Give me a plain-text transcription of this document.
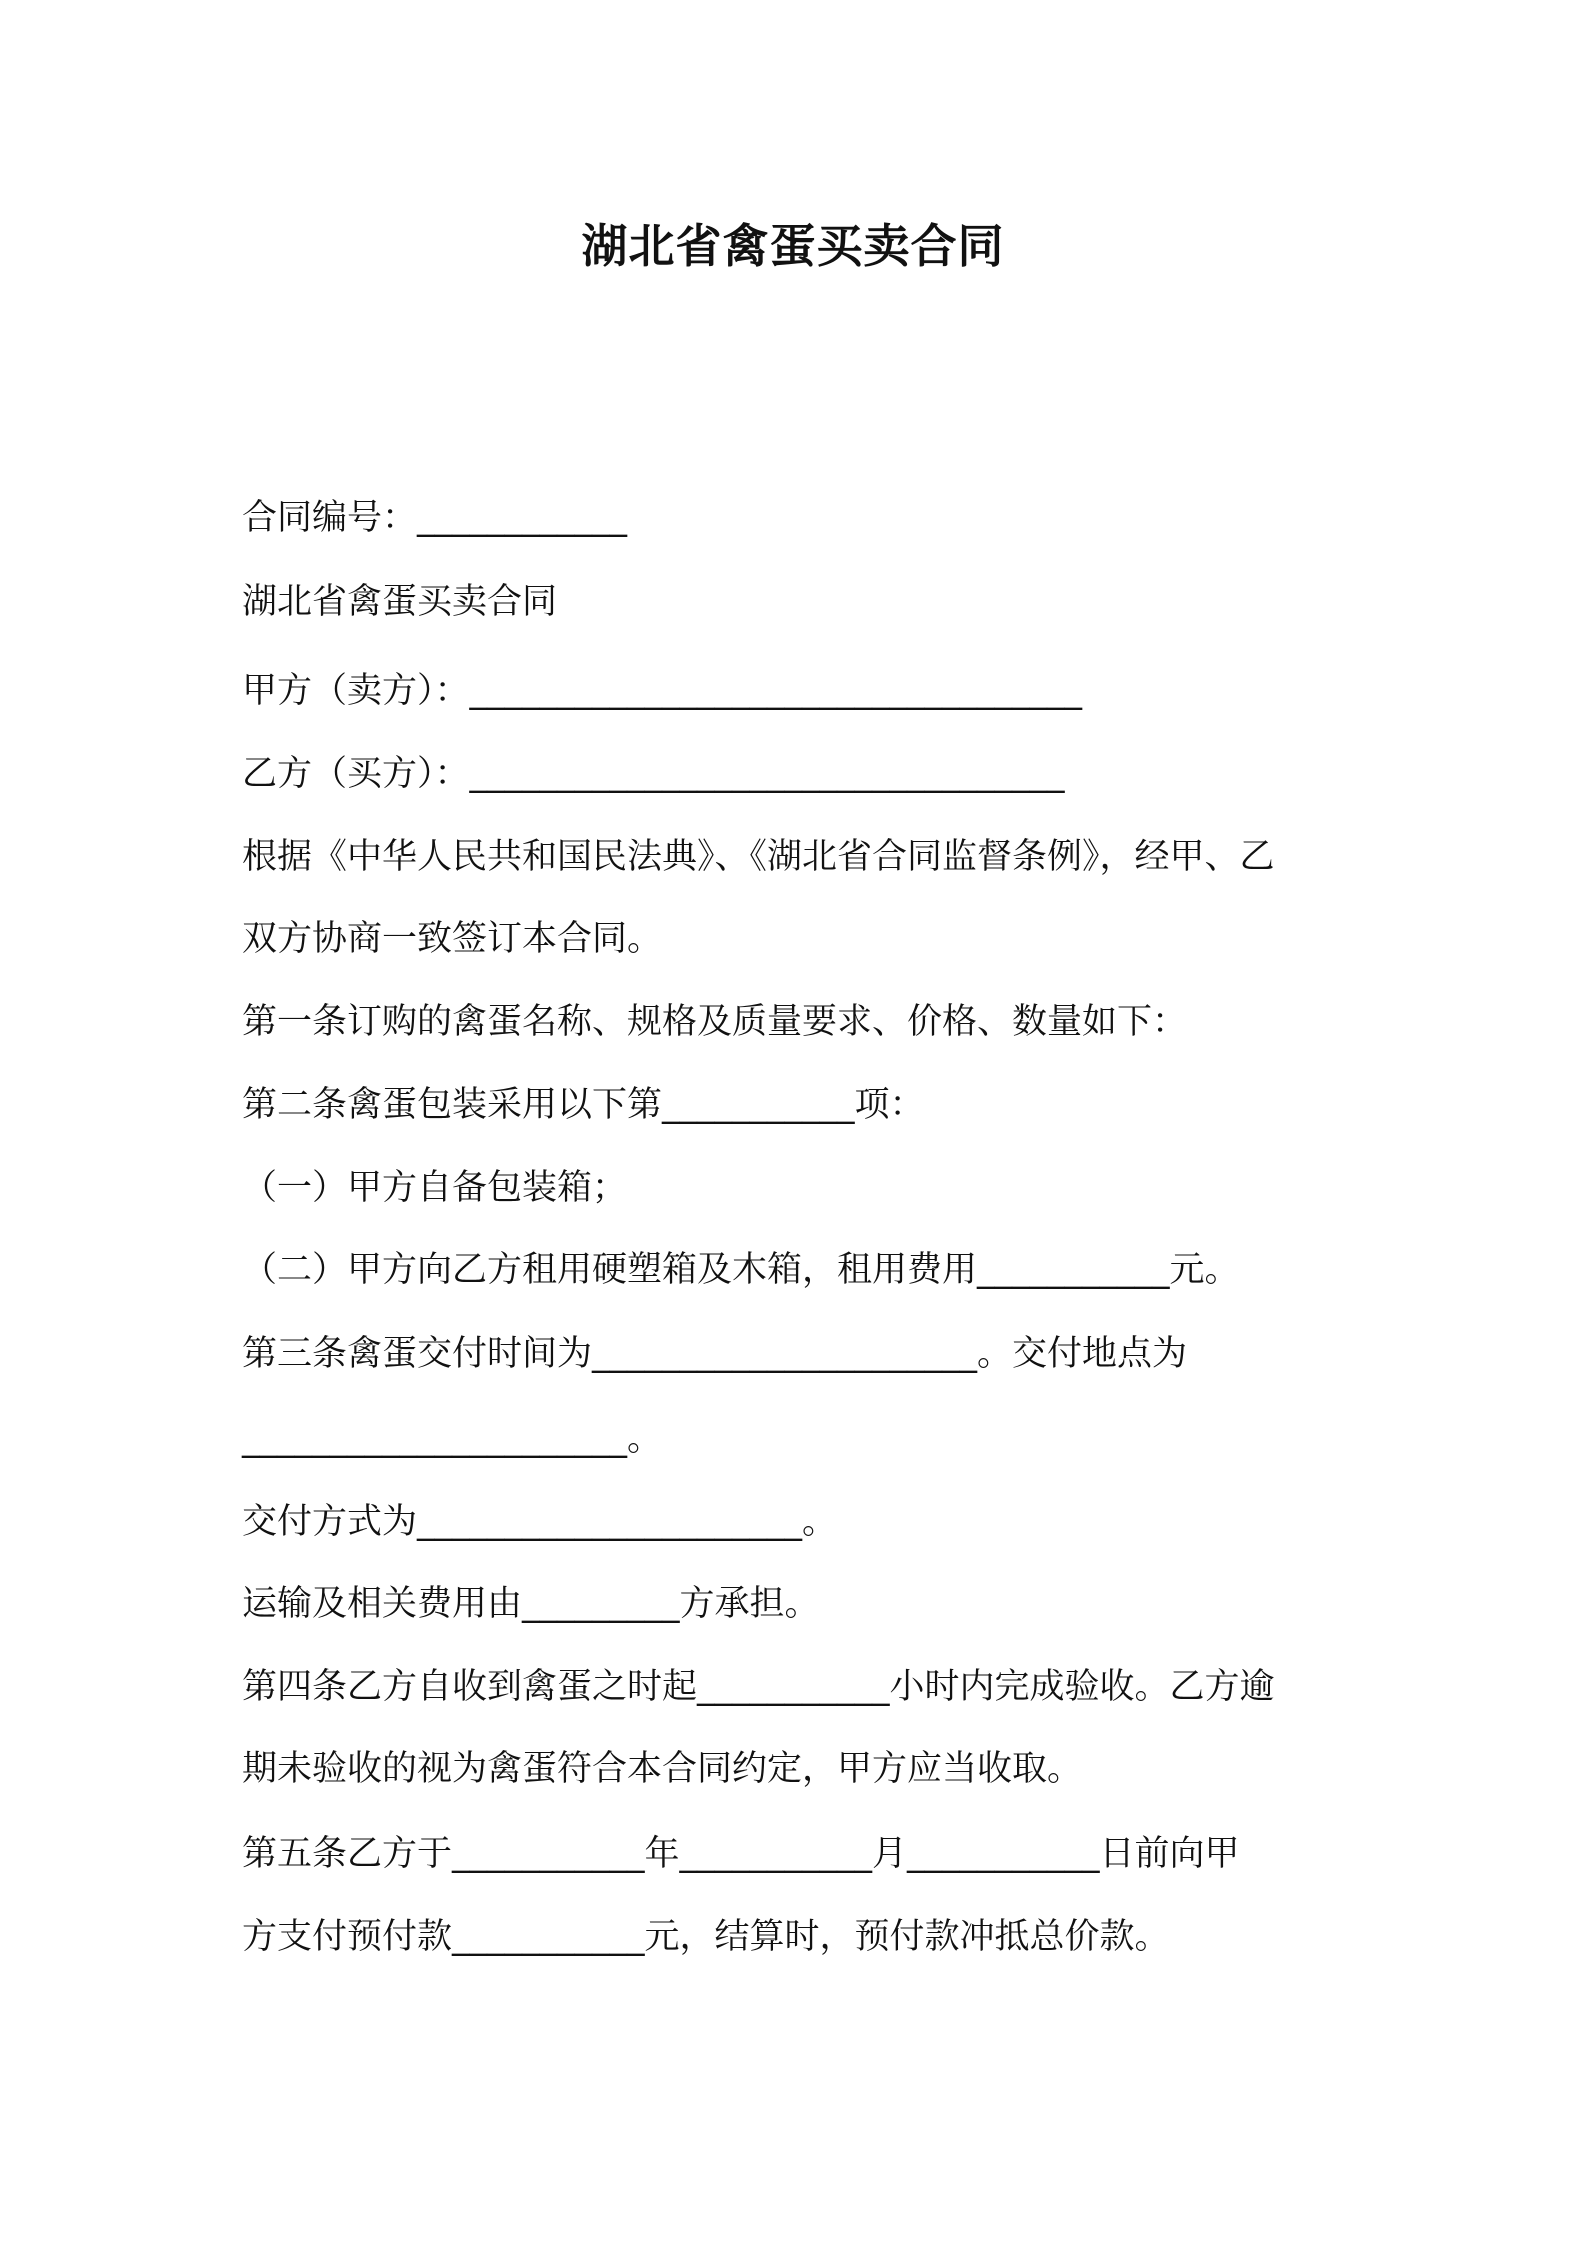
湖北省禽蛋买卖合同
合同编号：____________
湖北省禽蛋买卖合同
甲方（卖方）：___________________________________
乙方（买方）：__________________________________
根据《中华人民共和国民法典》、《湖北省合同监督条例》，经甲、乙
双方协商一致签订本合同。
第一条订购的禽蛋名称、规格及质量要求、价格、数量如下：
第二条禽蛋包装采用以下第___________项：
（一）甲方自备包装箱；
（二）甲方向乙方租用硬塑箱及木箱，租用费用___________元。
第三条禽蛋交付时间为______________________。交付地点为
______________________。
交付方式为______________________。
运输及相关费用由_________方承担。
第四条乙方自收到禽蛋之时起___________小时内完成验收。乙方逾
期未验收的视为禽蛋符合本合同约定，甲方应当收取。
第五条乙方于___________年___________月___________日前向甲
方支付预付款___________元，结算时，预付款冲抵总价款。
